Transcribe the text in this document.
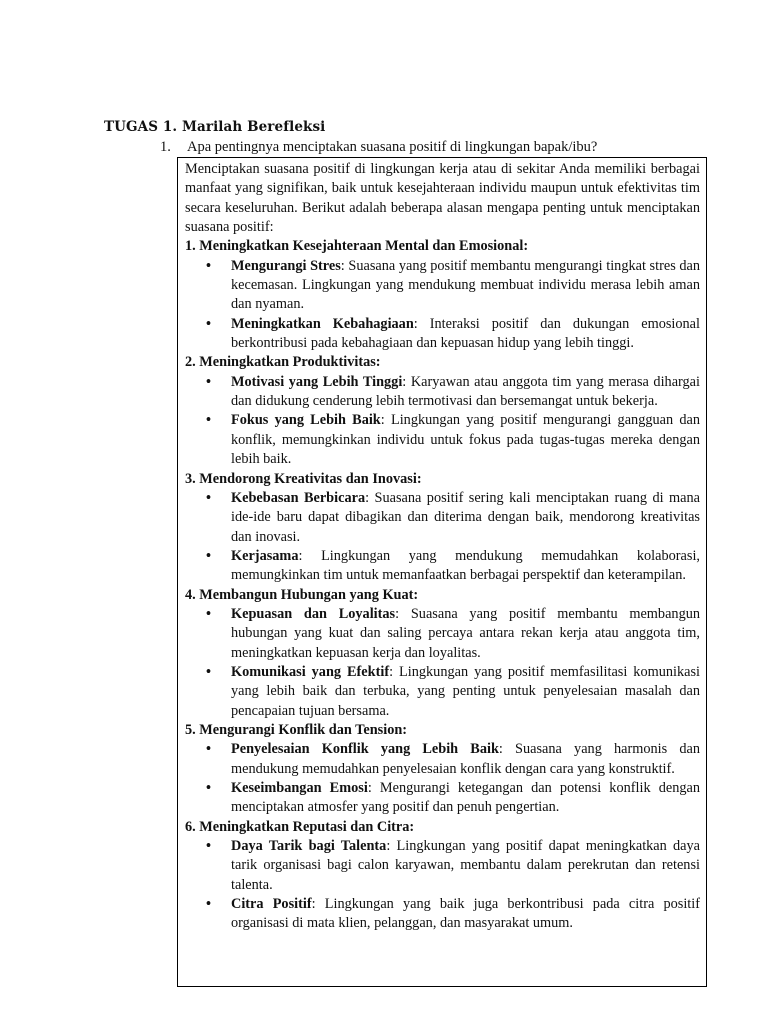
TUGAS 1. Marilah Berefleksi
1. Apa pentingnya menciptakan suasana positif di lingkungan bapak/ibu?
Menciptakan suasana positif di lingkungan kerja atau di sekitar Anda memiliki berbagai manfaat yang signifikan, baik untuk kesejahteraan individu maupun untuk efektivitas tim secara keseluruhan. Berikut adalah beberapa alasan mengapa penting untuk menciptakan suasana positif:
1. Meningkatkan Kesejahteraan Mental dan Emosional:
• Mengurangi Stres: Suasana yang positif membantu mengurangi tingkat stres dan kecemasan. Lingkungan yang mendukung membuat individu merasa lebih aman dan nyaman.
• Meningkatkan Kebahagiaan: Interaksi positif dan dukungan emosional berkontribusi pada kebahagiaan dan kepuasan hidup yang lebih tinggi.
2. Meningkatkan Produktivitas:
• Motivasi yang Lebih Tinggi: Karyawan atau anggota tim yang merasa dihargai dan didukung cenderung lebih termotivasi dan bersemangat untuk bekerja.
• Fokus yang Lebih Baik: Lingkungan yang positif mengurangi gangguan dan konflik, memungkinkan individu untuk fokus pada tugas-tugas mereka dengan lebih baik.
3. Mendorong Kreativitas dan Inovasi:
• Kebebasan Berbicara: Suasana positif sering kali menciptakan ruang di mana ide-ide baru dapat dibagikan dan diterima dengan baik, mendorong kreativitas dan inovasi.
• Kerjasama: Lingkungan yang mendukung memudahkan kolaborasi, memungkinkan tim untuk memanfaatkan berbagai perspektif dan keterampilan.
4. Membangun Hubungan yang Kuat:
• Kepuasan dan Loyalitas: Suasana yang positif membantu membangun hubungan yang kuat dan saling percaya antara rekan kerja atau anggota tim, meningkatkan kepuasan kerja dan loyalitas.
• Komunikasi yang Efektif: Lingkungan yang positif memfasilitasi komunikasi yang lebih baik dan terbuka, yang penting untuk penyelesaian masalah dan pencapaian tujuan bersama.
5. Mengurangi Konflik dan Tension:
• Penyelesaian Konflik yang Lebih Baik: Suasana yang harmonis dan mendukung memudahkan penyelesaian konflik dengan cara yang konstruktif.
• Keseimbangan Emosi: Mengurangi ketegangan dan potensi konflik dengan menciptakan atmosfer yang positif dan penuh pengertian.
6. Meningkatkan Reputasi dan Citra:
• Daya Tarik bagi Talenta: Lingkungan yang positif dapat meningkatkan daya tarik organisasi bagi calon karyawan, membantu dalam perekrutan dan retensi talenta.
• Citra Positif: Lingkungan yang baik juga berkontribusi pada citra positif organisasi di mata klien, pelanggan, dan masyarakat umum.
